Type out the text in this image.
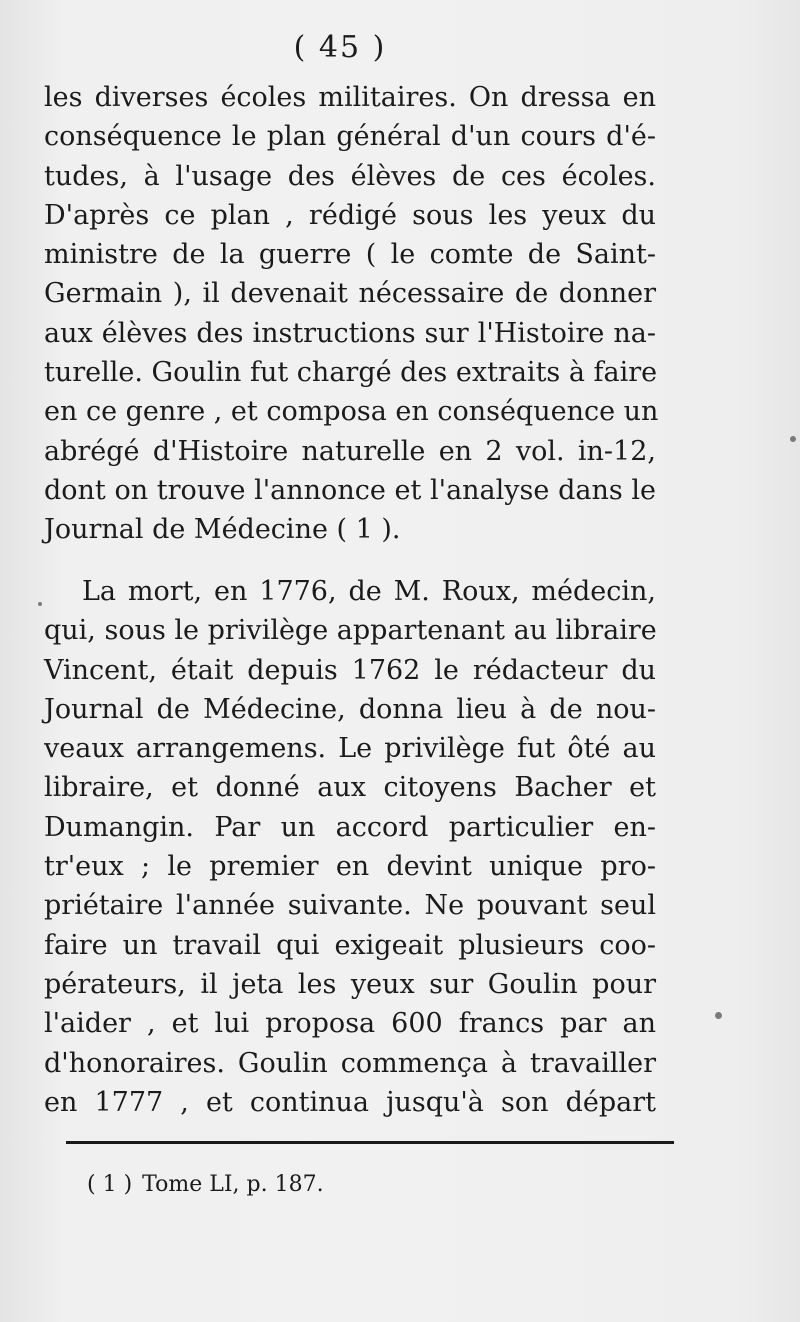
( 45 )
les diverses écoles militaires. On dressa en
conséquence le plan général d'un cours d'é-
tudes, à l'usage des élèves de ces écoles.
D'après ce plan , rédigé sous les yeux du
ministre de la guerre ( le comte de Saint-
Germain ), il devenait nécessaire de donner
aux élèves des instructions sur l'Histoire na-
turelle. Goulin fut chargé des extraits à faire
en ce genre , et composa en conséquence un
abrégé d'Histoire naturelle en 2 vol. in-12,
dont on trouve l'annonce et l'analyse dans le
Journal de Médecine ( 1 ).
La mort, en 1776, de M. Roux, médecin,
qui, sous le privilège appartenant au libraire
Vincent, était depuis 1762 le rédacteur du
Journal de Médecine, donna lieu à de nou-
veaux arrangemens. Le privilège fut ôté au
libraire, et donné aux citoyens Bacher et
Dumangin. Par un accord particulier en-
tr'eux ; le premier en devint unique pro-
priétaire l'année suivante. Ne pouvant seul
faire un travail qui exigeait plusieurs coo-
pérateurs, il jeta les yeux sur Goulin pour
l'aider , et lui proposa 600 francs par an
d'honoraires. Goulin commença à travailler
en 1777 , et continua jusqu'à son départ
( 1 ) Tome LI, p. 187.
